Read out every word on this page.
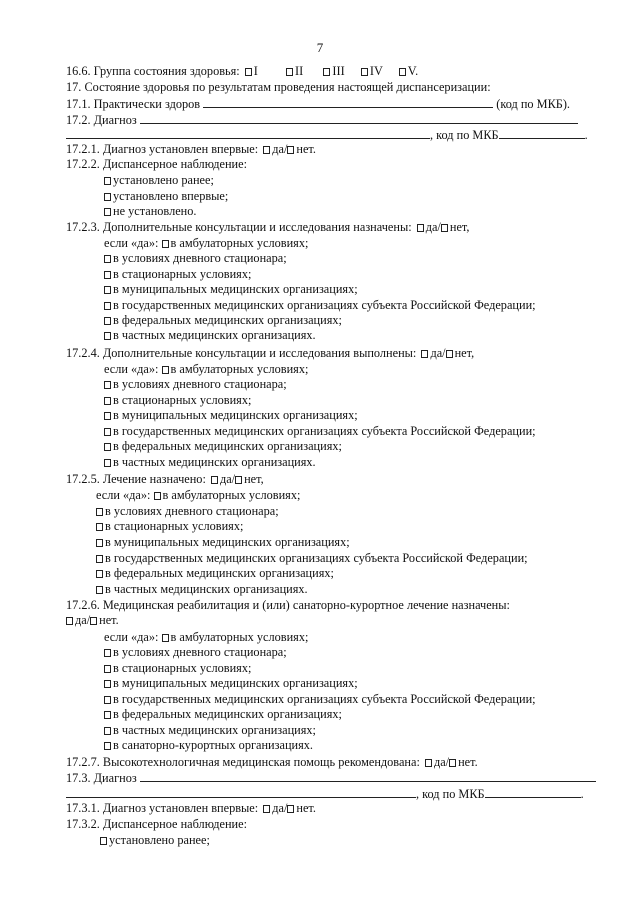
7
16.6. Группа состояния здоровья: I	II III IV V.
17. Состояние здоровья по результатам проведения настоящей диспансеризации:
17.1. Практически здоров	(код по МКБ).
17.2. Диагноз
, код по МКБ	.
17.2.1. Диагноз установлен впервые: да/ нет.
17.2.2. Диспансерное наблюдение:
установлено ранее;
установлено впервые;
не установлено.
17.2.3. Дополнительные консультации и исследования назначены: да/ нет,
если «да»: в амбулаторных условиях;
в условиях дневного стационара;
в стационарных условиях;
в муниципальных медицинских организациях;
в государственных медицинских организациях субъекта Российской Федерации;
в федеральных медицинских организациях;
в частных медицинских организациях.
17.2.4. Дополнительные консультации и исследования выполнены: да/ нет,
если «да»: в амбулаторных условиях;
в условиях дневного стационара;
в стационарных условиях;
в муниципальных медицинских организациях;
в государственных медицинских организациях субъекта Российской Федерации;
в федеральных медицинских организациях;
в частных медицинских организациях.
17.2.5. Лечение назначено: да/ нет,
если «да»: в амбулаторных условиях;
в условиях дневного стационара;
в стационарных условиях;
в муниципальных медицинских организациях;
в государственных медицинских организациях субъекта Российской Федерации;
в федеральных медицинских организациях;
в частных медицинских организациях.
17.2.6. Медицинская реабилитация и (или) санаторно-курортное лечение назначены:
да/ нет.
если «да»: в амбулаторных условиях;
в условиях дневного стационара;
в стационарных условиях;
в муниципальных медицинских организациях;
в государственных медицинских организациях субъекта Российской Федерации;
в федеральных медицинских организациях;
в частных медицинских организациях;
в санаторно-курортных организациях.
17.2.7. Высокотехнологичная медицинская помощь рекомендована: да/ нет.
17.3. Диагноз
, код по МКБ	.
17.3.1. Диагноз установлен впервые: да/ нет.
17.3.2. Диспансерное наблюдение:
установлено ранее;
